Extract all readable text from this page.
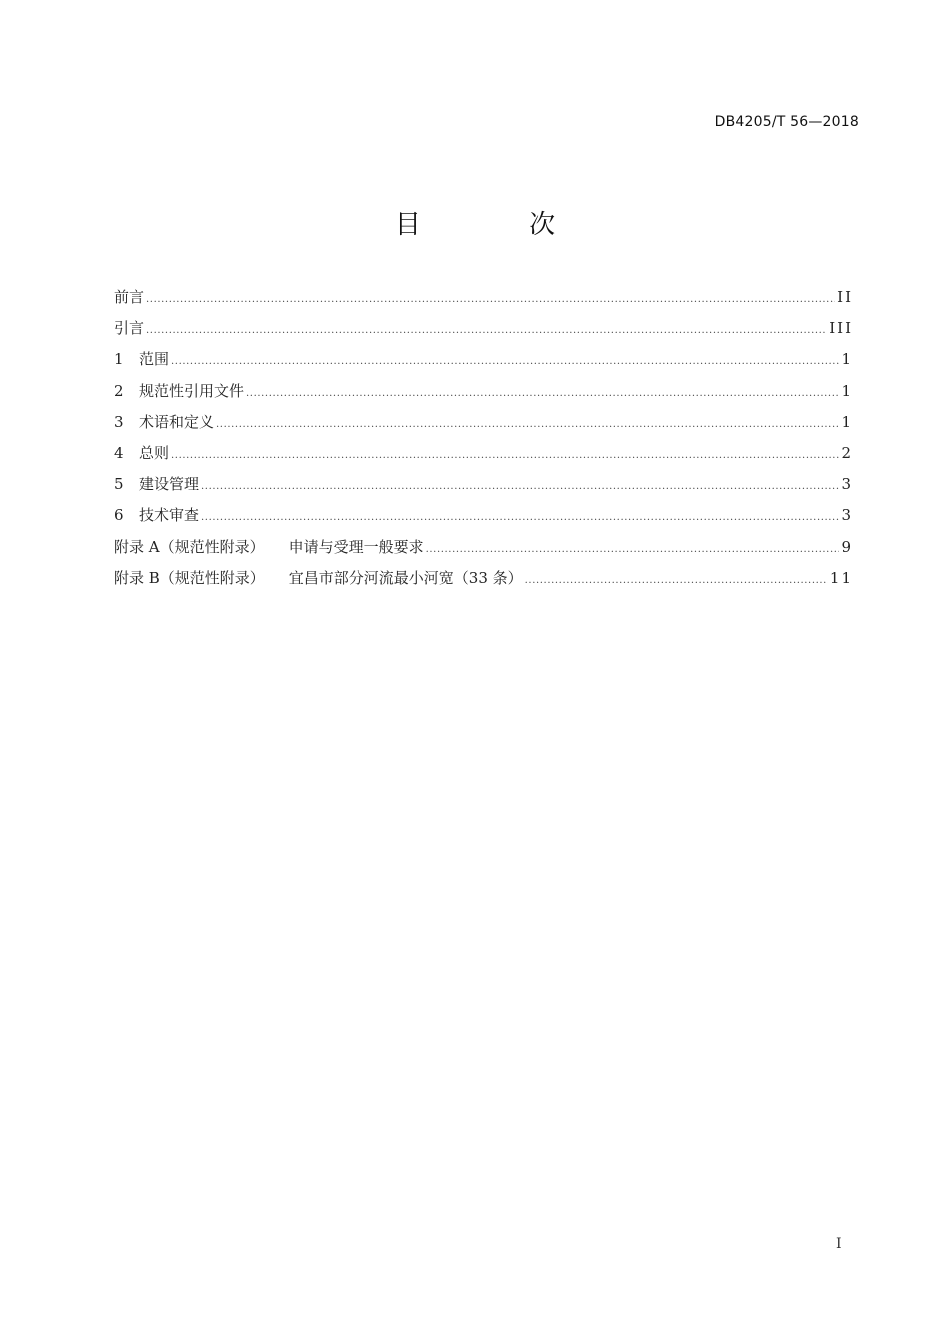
DB4205/T 56—2018
目 次
前言 .....	II
引言 .....	III
1	范围 .....	1
2	规范性引用文件 .....	1
3	术语和定义 .....	1
4	总则 .....	2
5	建设管理 .....	3
6	技术审查 .....	3
附录 A（规范性附录） 申请与受理一般要求 .....	9
附录 B（规范性附录） 宜昌市部分河流最小河宽（33 条） .....	11
I
